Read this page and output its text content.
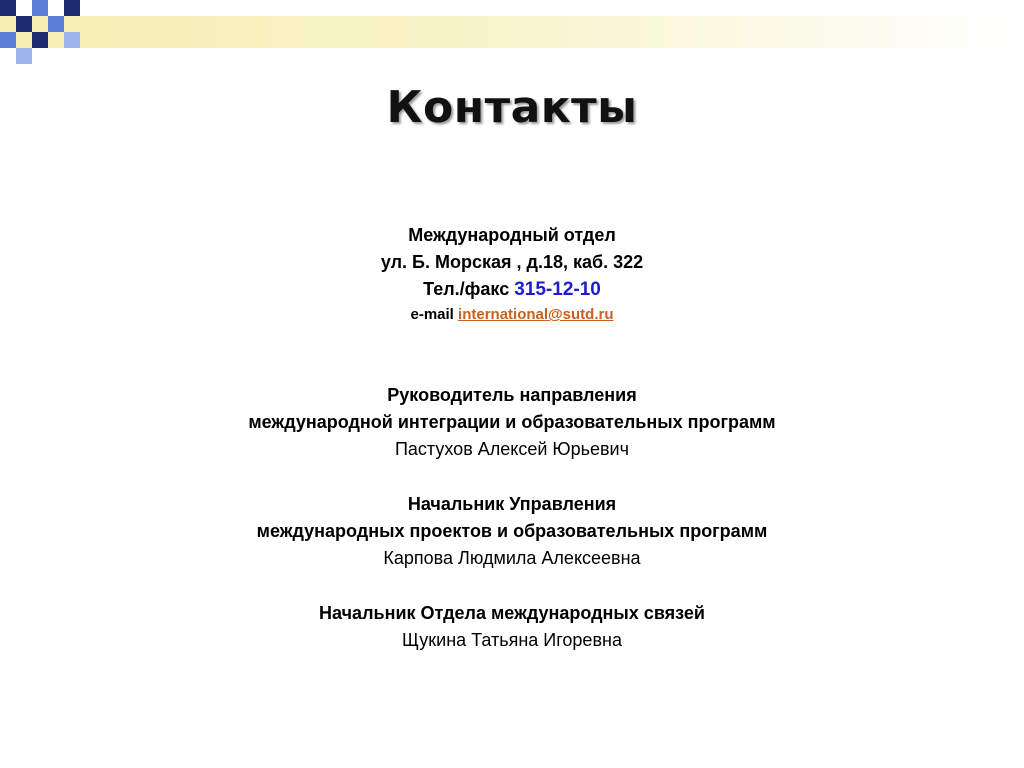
Контакты
Международный отдел
ул. Б. Морская , д.18, каб. 322
Тел./факс 315-12-10
e-mail international@sutd.ru
Руководитель направления
международной интеграции и образовательных программ
Пастухов Алексей Юрьевич
Начальник Управления
международных проектов и образовательных программ
Карпова Людмила Алексеевна
Начальник Отдела международных связей
Щукина Татьяна Игоревна
